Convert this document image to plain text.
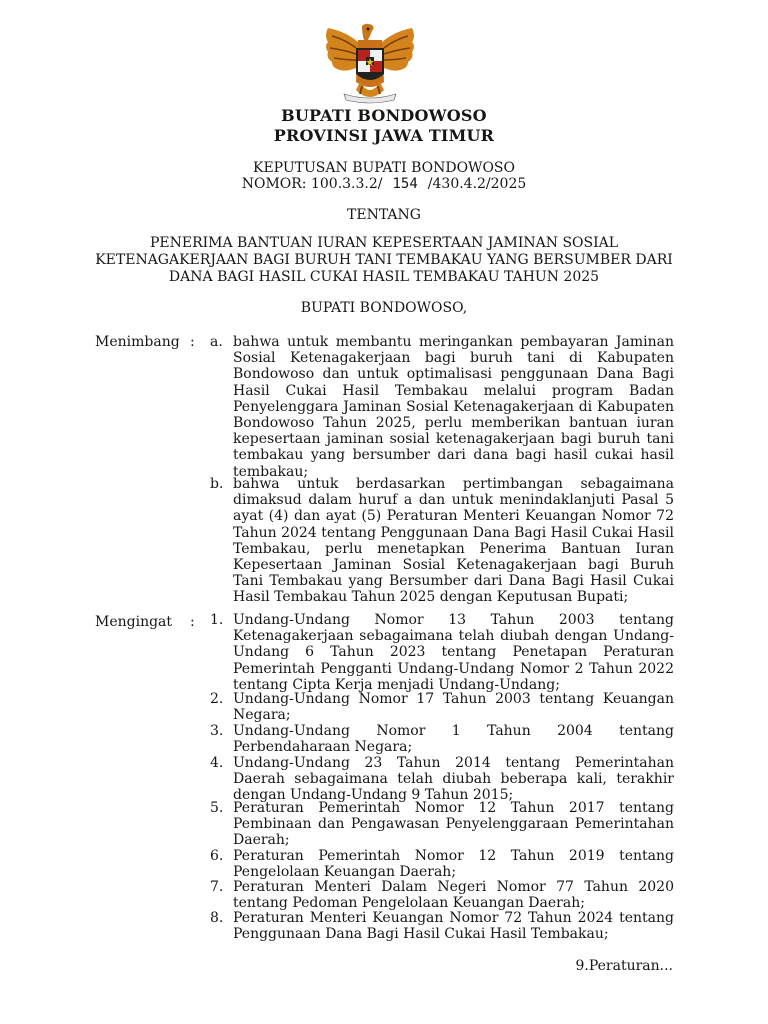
BUPATI BONDOWOSO
PROVINSI JAWA TIMUR
KEPUTUSAN BUPATI BONDOWOSO
NOMOR: 100.3.3.2/ 154 /430.4.2/2025
TENTANG
PENERIMA BANTUAN IURAN KEPESERTAAN JAMINAN SOSIAL
KETENAGAKERJAAN BAGI BURUH TANI TEMBAKAU YANG BERSUMBER DARI
DANA BAGI HASIL CUKAI HASIL TEMBAKAU TAHUN 2025
BUPATI BONDOWOSO,
Menimbang : a. bahwa untuk membantu meringankan pembayaran Jaminan Sosial Ketenagakerjaan bagi buruh tani di Kabupaten Bondowoso dan untuk optimalisasi penggunaan Dana Bagi Hasil Cukai Hasil Tembakau melalui program Badan Penyelenggara Jaminan Sosial Ketenagakerjaan di Kabupaten Bondowoso Tahun 2025, perlu memberikan bantuan iuran kepesertaan jaminan sosial ketenagakerjaan bagi buruh tani tembakau yang bersumber dari dana bagi hasil cukai hasil tembakau;
b. bahwa untuk berdasarkan pertimbangan sebagaimana dimaksud dalam huruf a dan untuk menindaklanjuti Pasal 5 ayat (4) dan ayat (5) Peraturan Menteri Keuangan Nomor 72 Tahun 2024 tentang Penggunaan Dana Bagi Hasil Cukai Hasil Tembakau, perlu menetapkan Penerima Bantuan Iuran Kepesertaan Jaminan Sosial Ketenagakerjaan bagi Buruh Tani Tembakau yang Bersumber dari Dana Bagi Hasil Cukai Hasil Tembakau Tahun 2025 dengan Keputusan Bupati;
Mengingat : 1. Undang-Undang Nomor 13 Tahun 2003 tentang Ketenagakerjaan sebagaimana telah diubah dengan Undang-Undang 6 Tahun 2023 tentang Penetapan Peraturan Pemerintah Pengganti Undang-Undang Nomor 2 Tahun 2022 tentang Cipta Kerja menjadi Undang-Undang;
2. Undang-Undang Nomor 17 Tahun 2003 tentang Keuangan Negara;
3. Undang-Undang Nomor 1 Tahun 2004 tentang Perbendaharaan Negara;
4. Undang-Undang 23 Tahun 2014 tentang Pemerintahan Daerah sebagaimana telah diubah beberapa kali, terakhir dengan Undang-Undang 9 Tahun 2015;
5. Peraturan Pemerintah Nomor 12 Tahun 2017 tentang Pembinaan dan Pengawasan Penyelenggaraan Pemerintahan Daerah;
6. Peraturan Pemerintah Nomor 12 Tahun 2019 tentang Pengelolaan Keuangan Daerah;
7. Peraturan Menteri Dalam Negeri Nomor 77 Tahun 2020 tentang Pedoman Pengelolaan Keuangan Daerah;
8. Peraturan Menteri Keuangan Nomor 72 Tahun 2024 tentang Penggunaan Dana Bagi Hasil Cukai Hasil Tembakau;
9.Peraturan...
